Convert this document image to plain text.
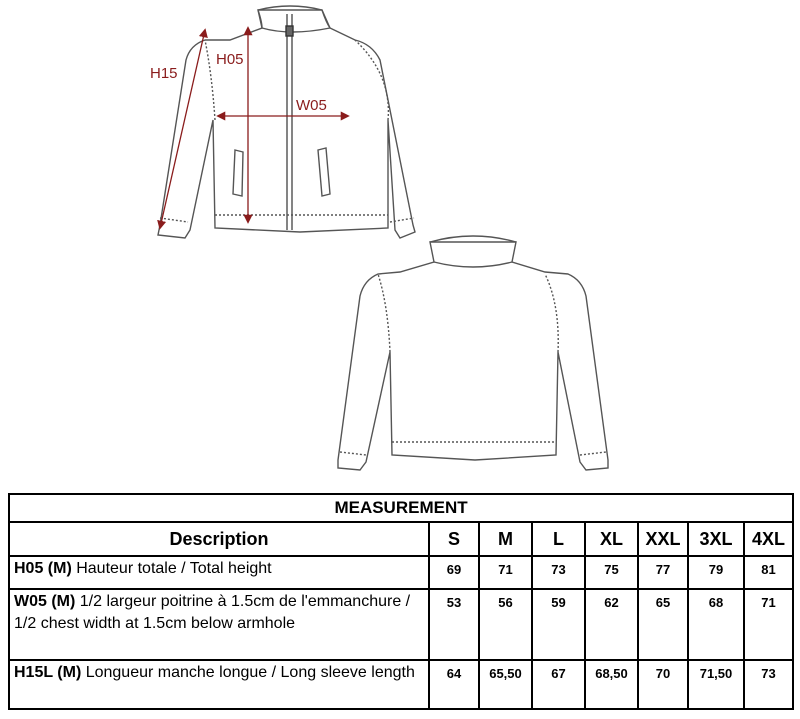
H15
H05
W05
MEASUREMENT							
Description	S	M	L	XL	XXL	3XL	4XL
H05 (M) Hauteur totale / Total height	69	71	73	75	77	79	81
W05 (M) 1/2 largeur poitrine à 1.5cm de l'emmanchure / 1/2 chest width at 1.5cm below armhole	53	56	59	62	65	68	71
H15L (M) Longueur manche longue / Long sleeve length	64	65,50	67	68,50	70	71,50	73
